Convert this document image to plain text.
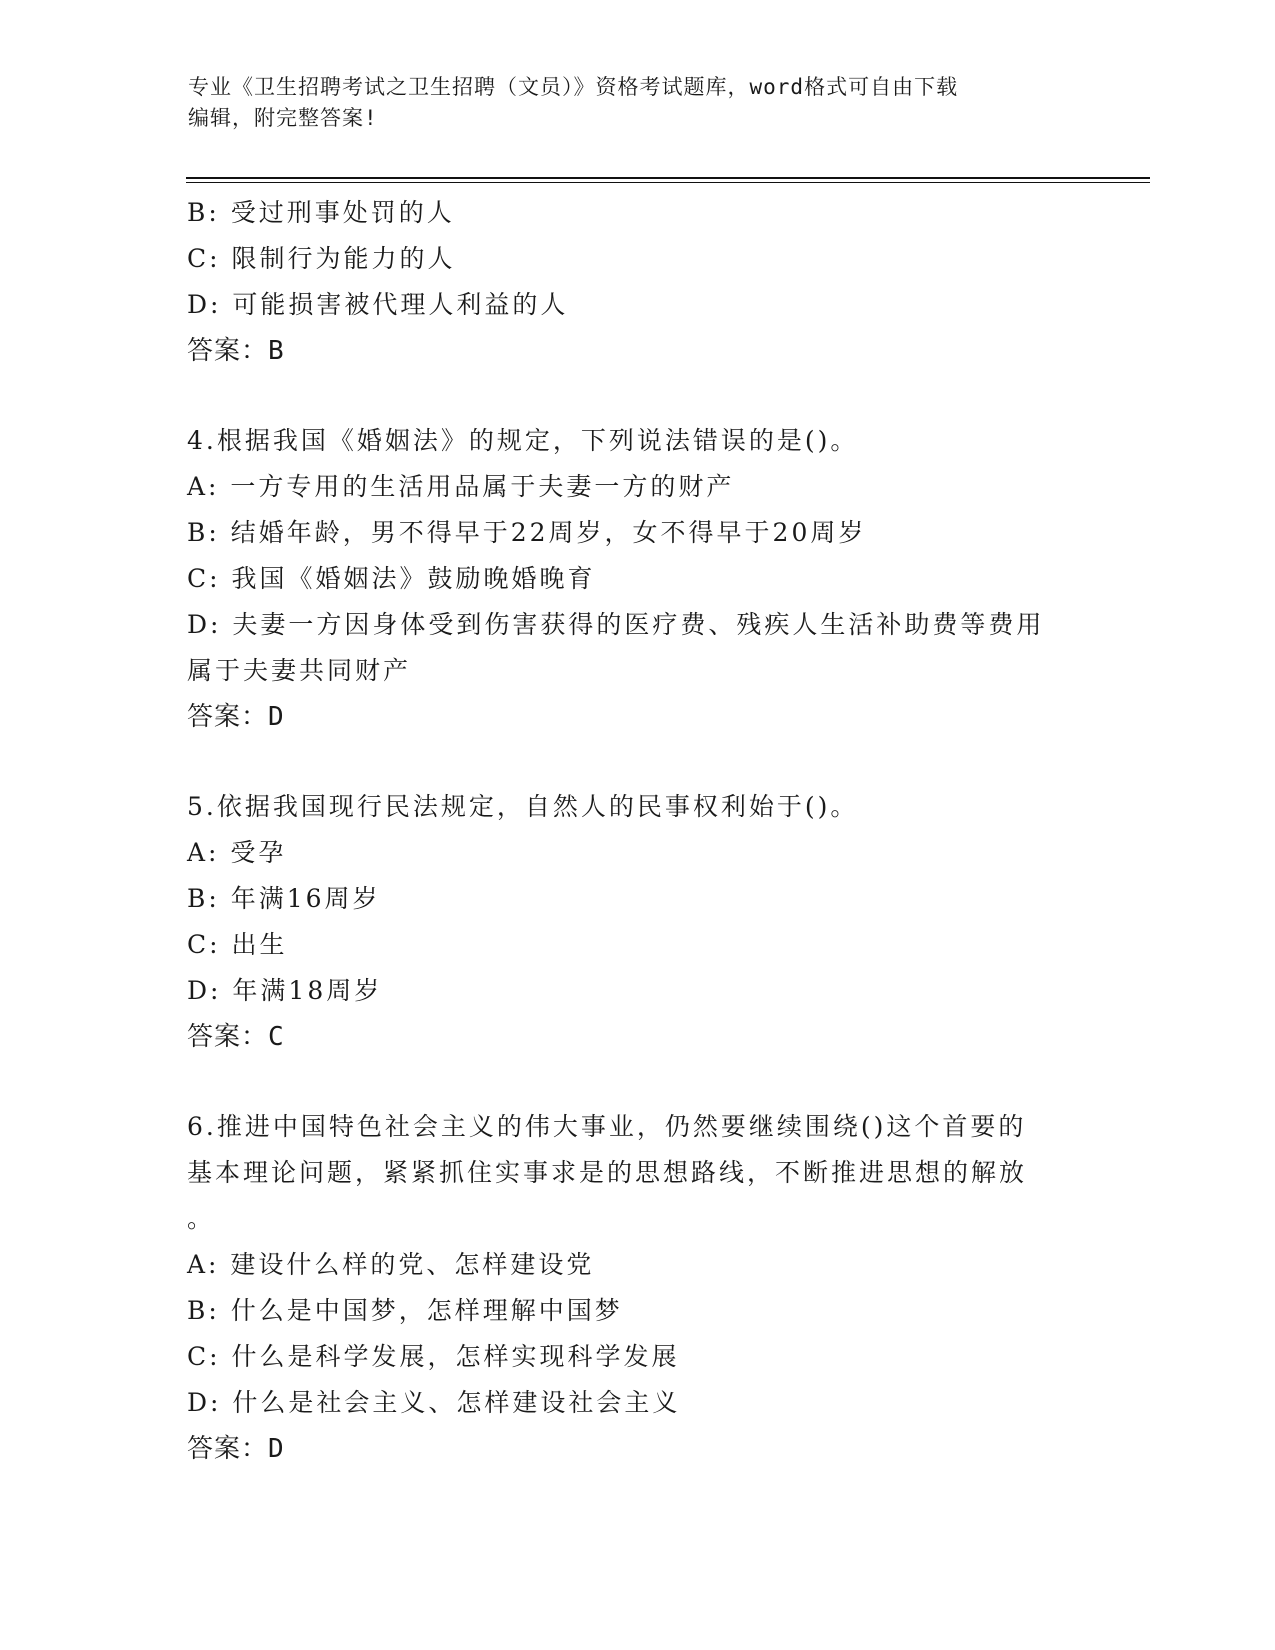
专业《卫生招聘考试之卫生招聘（文员）》资格考试题库，word格式可自由下载
编辑，附完整答案!
B: 受过刑事处罚的人
C: 限制行为能力的人
D: 可能损害被代理人利益的人
答案：B
4.根据我国《婚姻法》的规定，下列说法错误的是()。
A: 一方专用的生活用品属于夫妻一方的财产
B: 结婚年龄，男不得早于22周岁，女不得早于20周岁
C: 我国《婚姻法》鼓励晚婚晚育
D: 夫妻一方因身体受到伤害获得的医疗费、残疾人生活补助费等费用
属于夫妻共同财产
答案：D
5.依据我国现行民法规定，自然人的民事权利始于()。
A: 受孕
B: 年满16周岁
C: 出生
D: 年满18周岁
答案：C
6.推进中国特色社会主义的伟大事业，仍然要继续围绕()这个首要的
基本理论问题，紧紧抓住实事求是的思想路线，不断推进思想的解放
。
A: 建设什么样的党、怎样建设党
B: 什么是中国梦，怎样理解中国梦
C: 什么是科学发展，怎样实现科学发展
D: 什么是社会主义、怎样建设社会主义
答案：D
